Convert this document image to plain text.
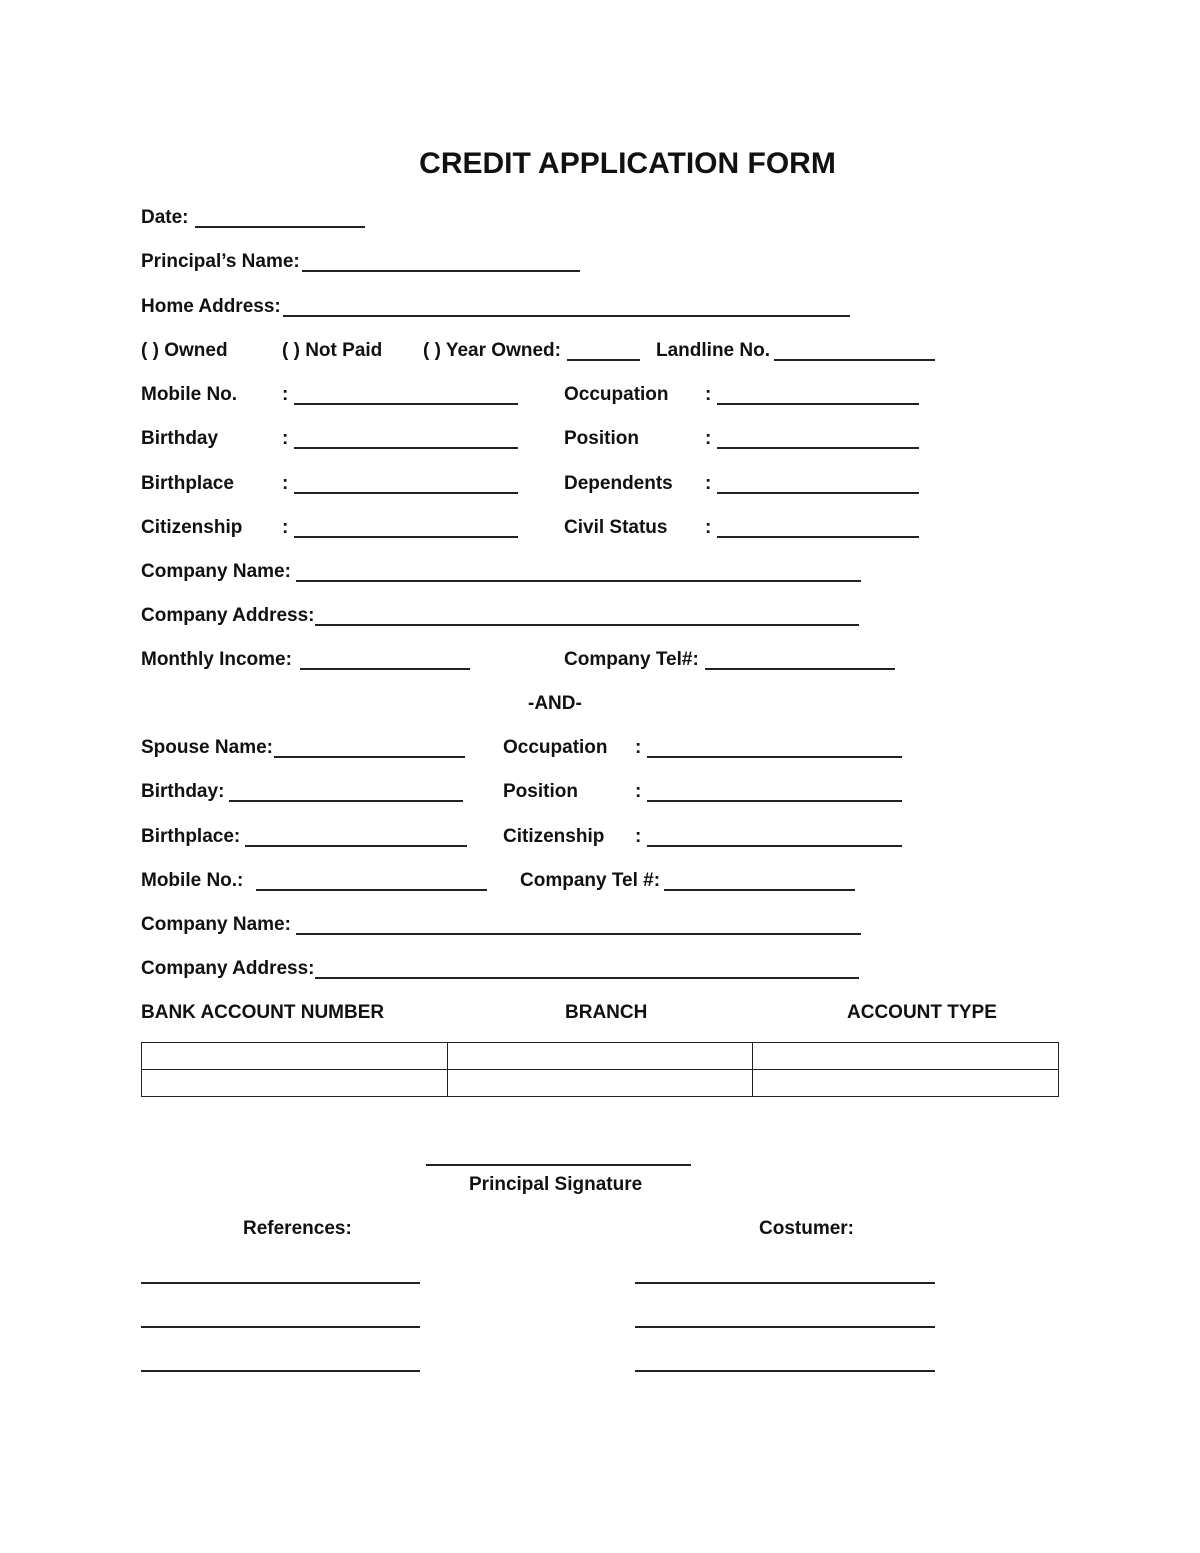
CREDIT APPLICATION FORM
Date:
Principal’s Name:
Home Address:
( ) Owned	( ) Not Paid ( ) Year Owned:	Landline No.
Mobile No. :	Occupation :
Birthday	:	Position	:
Birthplace	:	Dependents :
Citizenship :	Civil Status :
Company Name:
Company Address:
Monthly Income:	Company Tel#:
-AND-
Spouse Name:	Occupation :
Birthday:	Position	:
Birthplace:	Citizenship :
Mobile No.:	Company Tel #:
Company Name:
Company Address:
BANK ACCOUNT NUMBER	BRANCH	ACCOUNT TYPE

Principal Signature
References:	Costumer:
